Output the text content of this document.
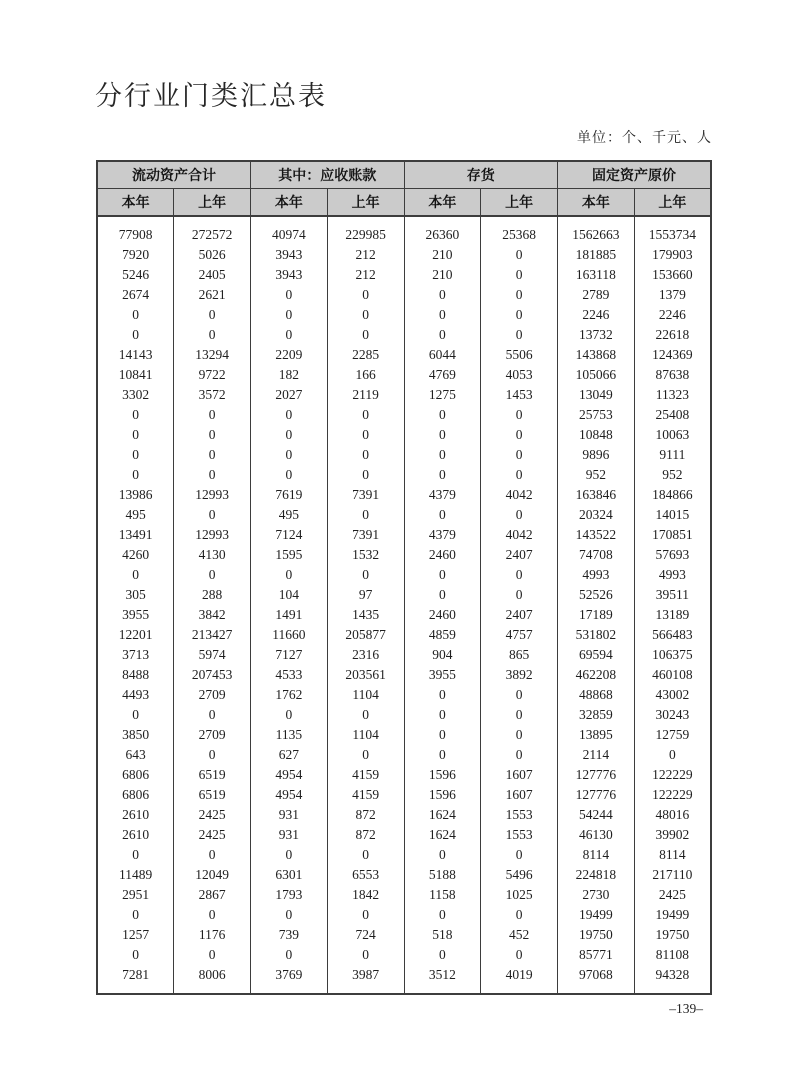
分行业门类汇总表
单位：个、千元、人
流动资产合计		其中：应收账款		存货		固定资产原价	
本年	上年	本年	上年	本年	上年	本年	上年

77908	272572	40974	229985	26360	25368	1562663	1553734
7920	5026	3943	212	210	0	181885	179903
5246	2405	3943	212	210	0	163118	153660
2674	2621	0	0	0	0	2789	1379
0	0	0	0	0	0	2246	2246
0	0	0	0	0	0	13732	22618
14143	13294	2209	2285	6044	5506	143868	124369
10841	9722	182	166	4769	4053	105066	87638
3302	3572	2027	2119	1275	1453	13049	11323
0	0	0	0	0	0	25753	25408
0	0	0	0	0	0	10848	10063
0	0	0	0	0	0	9896	9111
0	0	0	0	0	0	952	952
13986	12993	7619	7391	4379	4042	163846	184866
495	0	495	0	0	0	20324	14015
13491	12993	7124	7391	4379	4042	143522	170851
4260	4130	1595	1532	2460	2407	74708	57693
0	0	0	0	0	0	4993	4993
305	288	104	97	0	0	52526	39511
3955	3842	1491	1435	2460	2407	17189	13189
12201	213427	11660	205877	4859	4757	531802	566483
3713	5974	7127	2316	904	865	69594	106375
8488	207453	4533	203561	3955	3892	462208	460108
4493	2709	1762	1104	0	0	48868	43002
0	0	0	0	0	0	32859	30243
3850	2709	1135	1104	0	0	13895	12759
643	0	627	0	0	0	2114	0
6806	6519	4954	4159	1596	1607	127776	122229
6806	6519	4954	4159	1596	1607	127776	122229
2610	2425	931	872	1624	1553	54244	48016
2610	2425	931	872	1624	1553	46130	39902
0	0	0	0	0	0	8114	8114
11489	12049	6301	6553	5188	5496	224818	217110
2951	2867	1793	1842	1158	1025	2730	2425
0	0	0	0	0	0	19499	19499
1257	1176	739	724	518	452	19750	19750
0	0	0	0	0	0	85771	81108
7281	8006	3769	3987	3512	4019	97068	94328

–139–
